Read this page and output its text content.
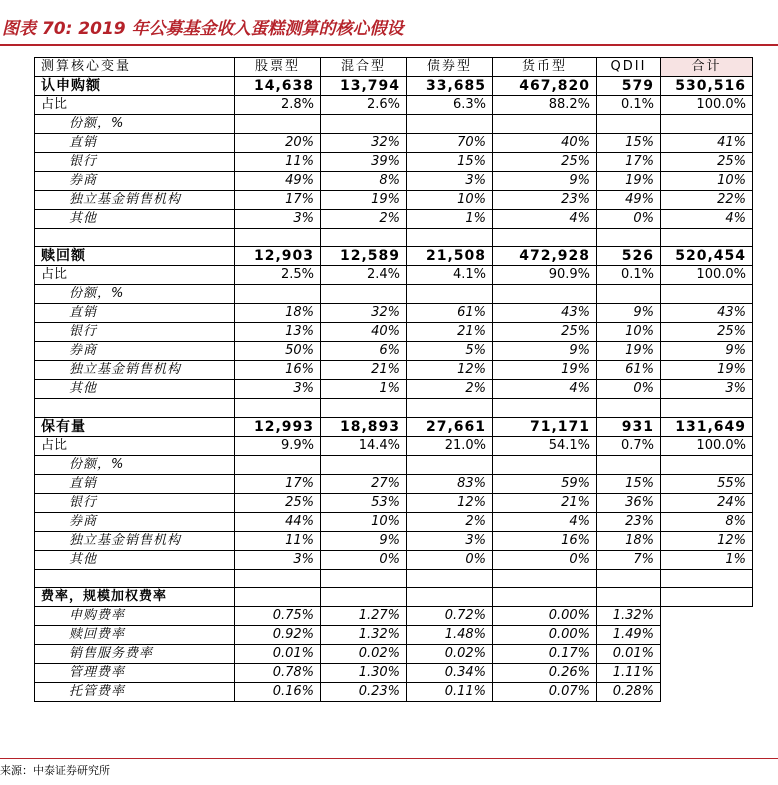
图表 70: 2019 年公募基金收入蛋糕测算的核心假设
测算核心变量	股票型	混合型	债券型	货币型	QDII	合计
认申购额	14,638	13,794	33,685	467,820	579	530,516
占比	2.8%	2.6%	6.3%	88.2%	0.1%	100.0%
份额，%						
直销	20%	32%	70%	40%	15%	41%
银行	11%	39%	15%	25%	17%	25%
券商	49%	8%	3%	9%	19%	10%
独立基金销售机构	17%	19%	10%	23%	49%	22%
其他	3%	2%	1%	4%	0%	4%

赎回额	12,903	12,589	21,508	472,928	526	520,454
占比	2.5%	2.4%	4.1%	90.9%	0.1%	100.0%
份额，%						
直销	18%	32%	61%	43%	9%	43%
银行	13%	40%	21%	25%	10%	25%
券商	50%	6%	5%	9%	19%	9%
独立基金销售机构	16%	21%	12%	19%	61%	19%
其他	3%	1%	2%	4%	0%	3%

保有量	12,993	18,893	27,661	71,171	931	131,649
占比	9.9%	14.4%	21.0%	54.1%	0.7%	100.0%
份额，%						
直销	17%	27%	83%	59%	15%	55%
银行	25%	53%	12%	21%	36%	24%
券商	44%	10%	2%	4%	23%	8%
独立基金销售机构	11%	9%	3%	16%	18%	12%
其他	3%	0%	0%	0%	7%	1%

费率，规模加权费率						
申购费率	0.75%	1.27%	0.72%	0.00%	1.32%	
赎回费率	0.92%	1.32%	1.48%	0.00%	1.49%	
销售服务费率	0.01%	0.02%	0.02%	0.17%	0.01%	
管理费率	0.78%	1.30%	0.34%	0.26%	1.11%	
托管费率	0.16%	0.23%	0.11%	0.07%	0.28%	
来源：中泰证券研究所
